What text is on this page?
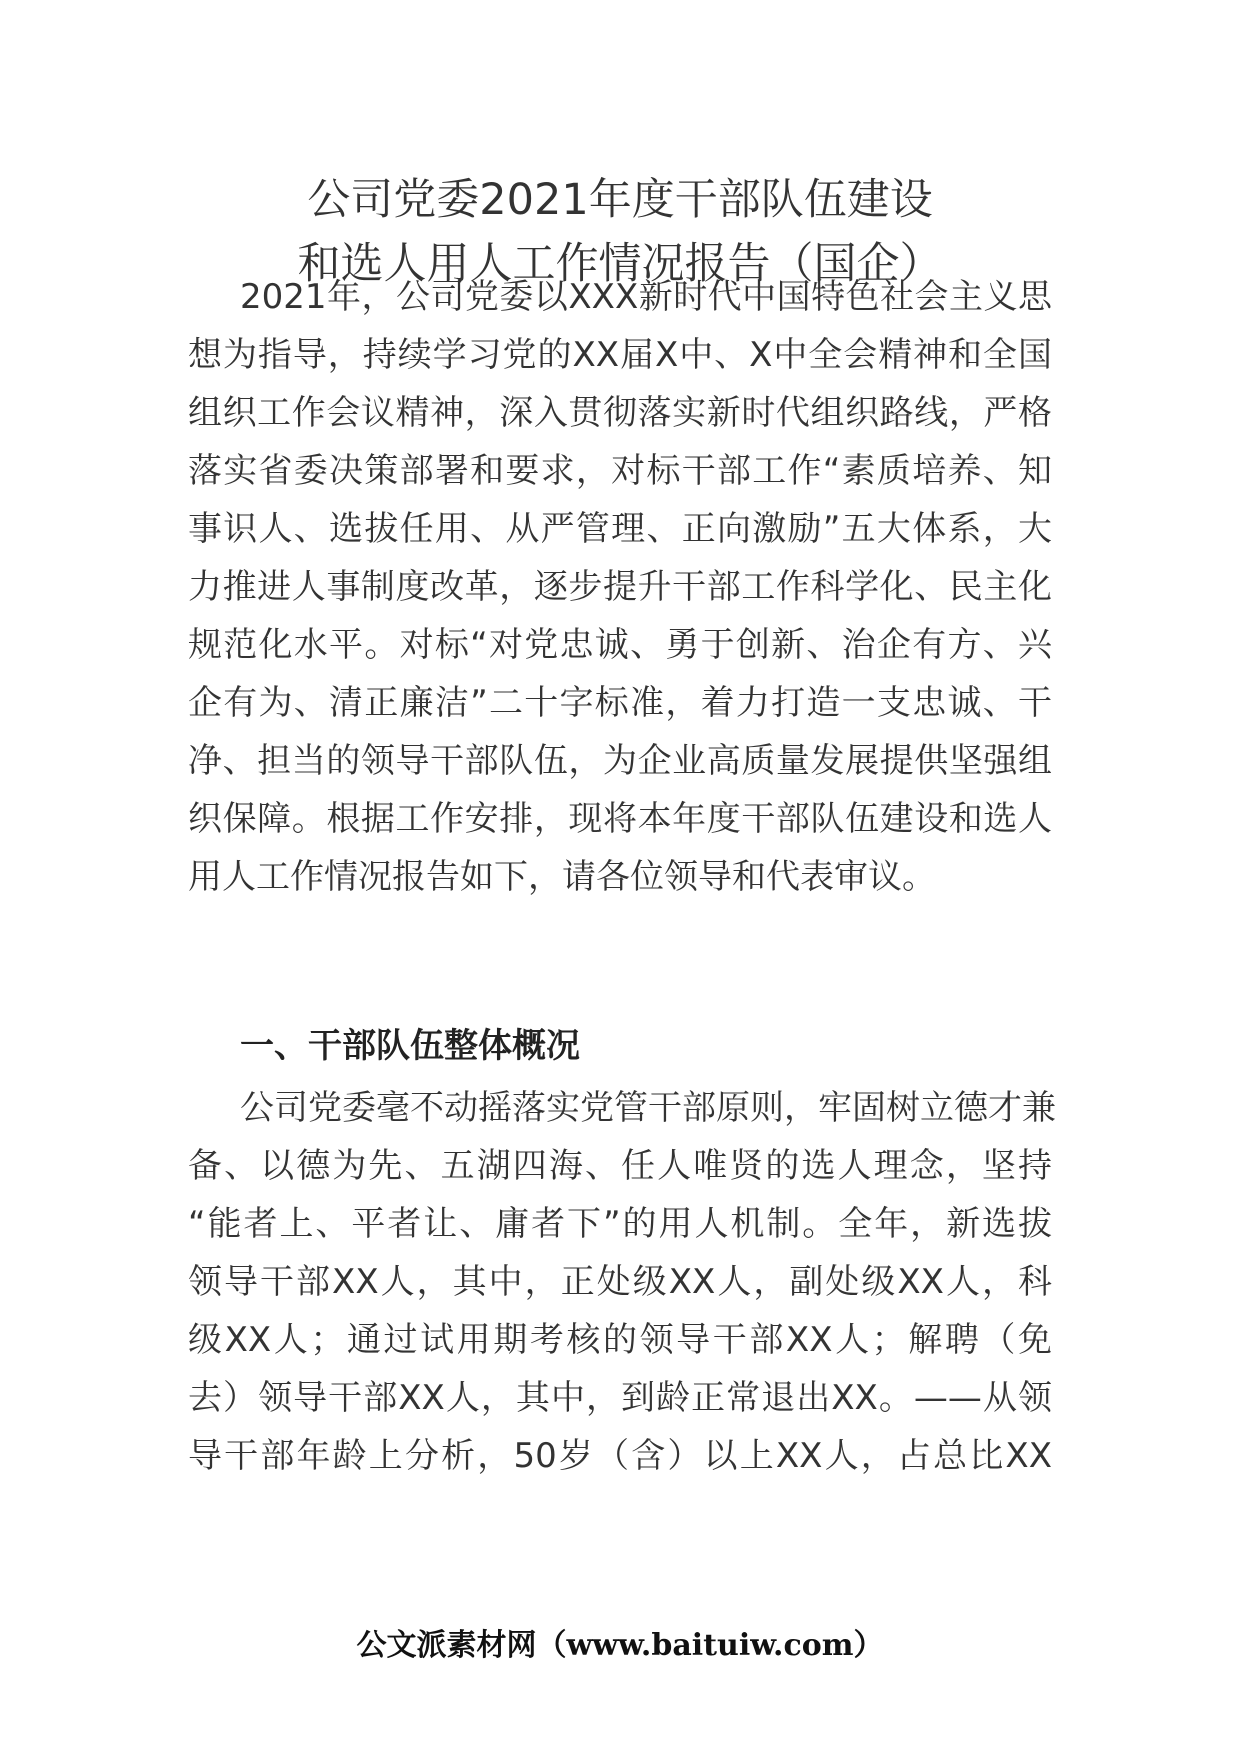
公司党委2021年度干部队伍建设
和选人用人工作情况报告（国企）
2021年，公司党委以XXX新时代中国特色社会主义思
想为指导，持续学习党的XX届X中、X中全会精神和全国
组织工作会议精神，深入贯彻落实新时代组织路线，严格
落实省委决策部署和要求，对标干部工作“素质培养、知
事识人、选拔任用、从严管理、正向激励”五大体系，大
力推进人事制度改革，逐步提升干部工作科学化、民主化
规范化水平。对标“对党忠诚、勇于创新、治企有方、兴
企有为、清正廉洁”二十字标准，着力打造一支忠诚、干
净、担当的领导干部队伍，为企业高质量发展提供坚强组
织保障。根据工作安排，现将本年度干部队伍建设和选人
用人工作情况报告如下，请各位领导和代表审议。
一、干部队伍整体概况
公司党委毫不动摇落实党管干部原则，牢固树立德才兼
备、以德为先、五湖四海、任人唯贤的选人理念，坚持
“能者上、平者让、庸者下”的用人机制。全年，新选拔
领导干部XX人，其中，正处级XX人，副处级XX人，科
级XX人；通过试用期考核的领导干部XX人；解聘（免
去）领导干部XX人，其中，到龄正常退出XX。——从领
导干部年龄上分析，50岁（含）以上XX人，占总比XX
公文派素材网（www.baituiw.com）
